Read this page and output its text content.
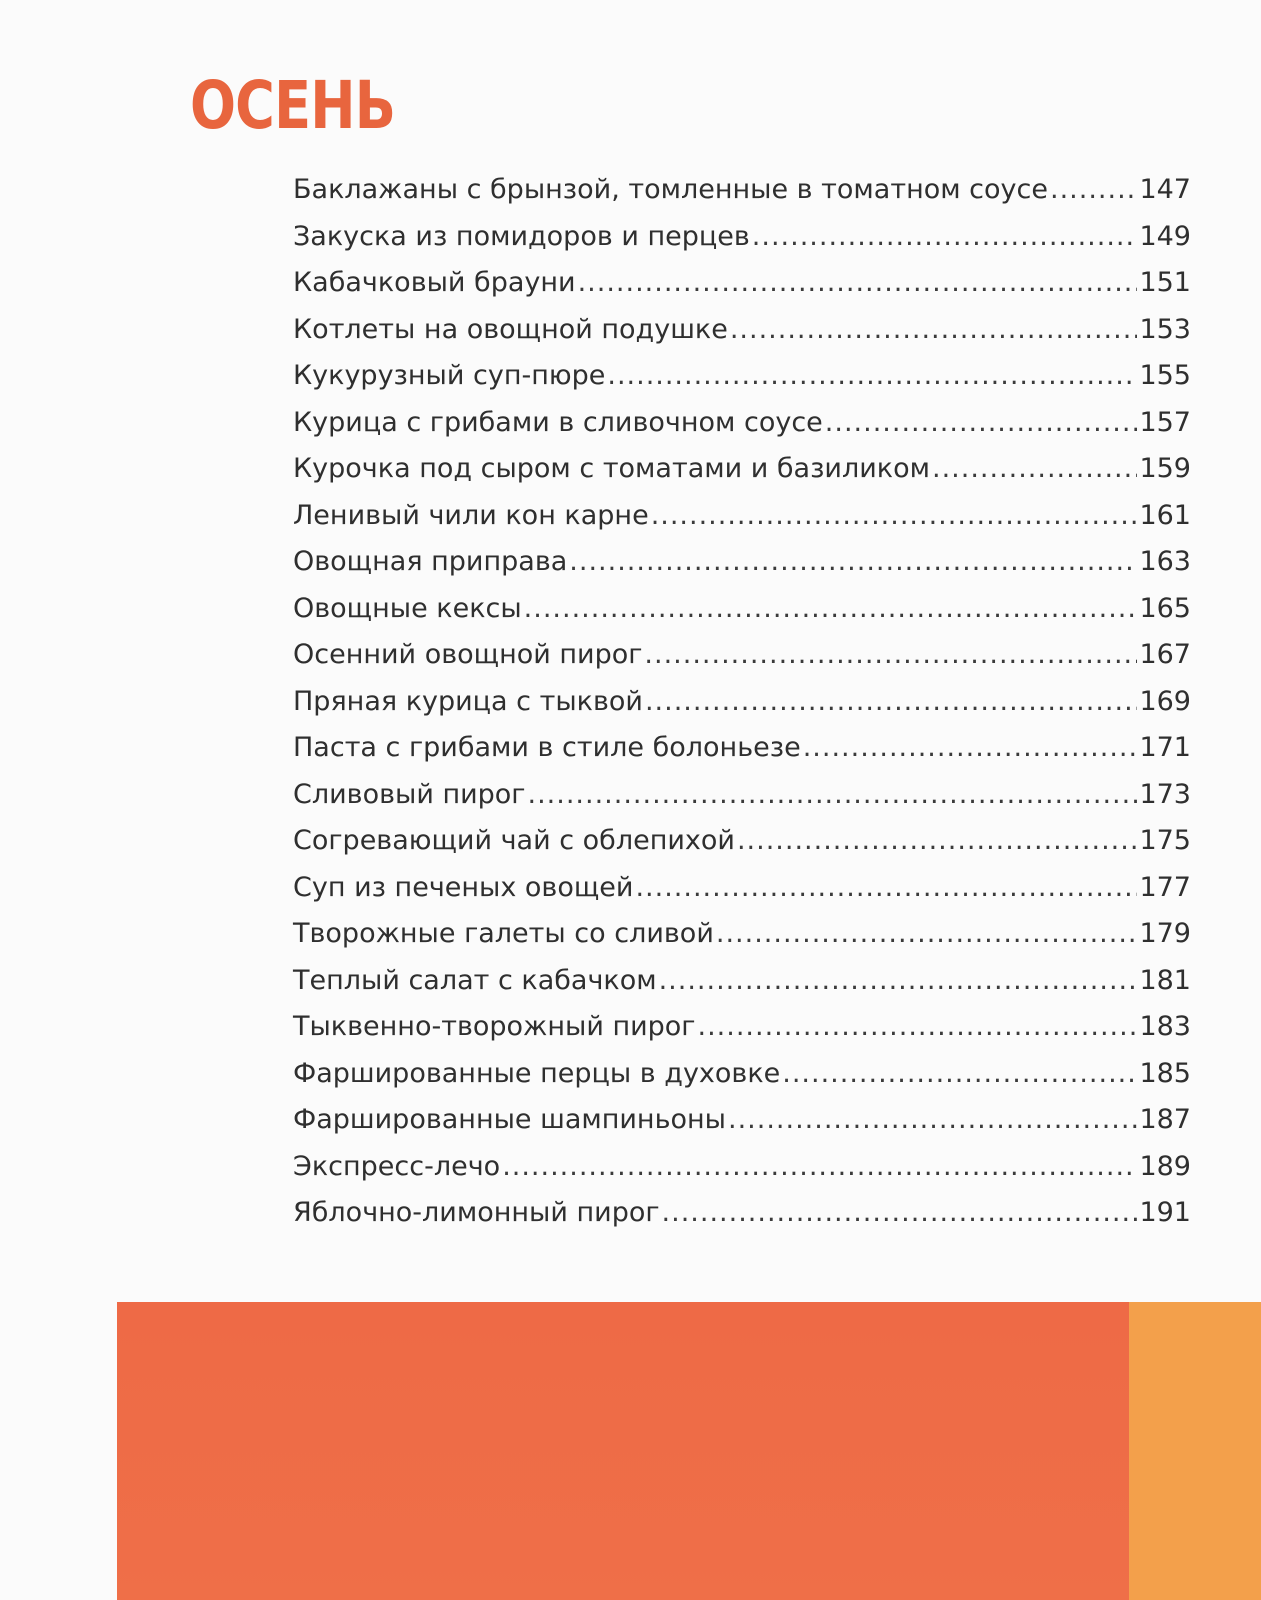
ОСЕНЬ
Баклажаны с брынзой, томленные в томатном соусе .....	147
Закуска из помидоров и перцев .....	149
Кабачковый брауни .....	151
Котлеты на овощной подушке .....	153
Кукурузный суп-пюре .....	155
Курица с грибами в сливочном соусе .....	157
Курочка под сыром с томатами и базиликом .....	159
Ленивый чили кон карне .....	161
Овощная приправа .....	163
Овощные кексы .....	165
Осенний овощной пирог .....	167
Пряная курица с тыквой .....	169
Паста с грибами в стиле болоньезе .....	171
Сливовый пирог .....	173
Согревающий чай с облепихой .....	175
Суп из печеных овощей .....	177
Творожные галеты со сливой .....	179
Теплый салат с кабачком .....	181
Тыквенно-творожный пирог .....	183
Фаршированные перцы в духовке .....	185
Фаршированные шампиньоны .....	187
Экспресс-лечо .....	189
Яблочно-лимонный пирог .....	191
